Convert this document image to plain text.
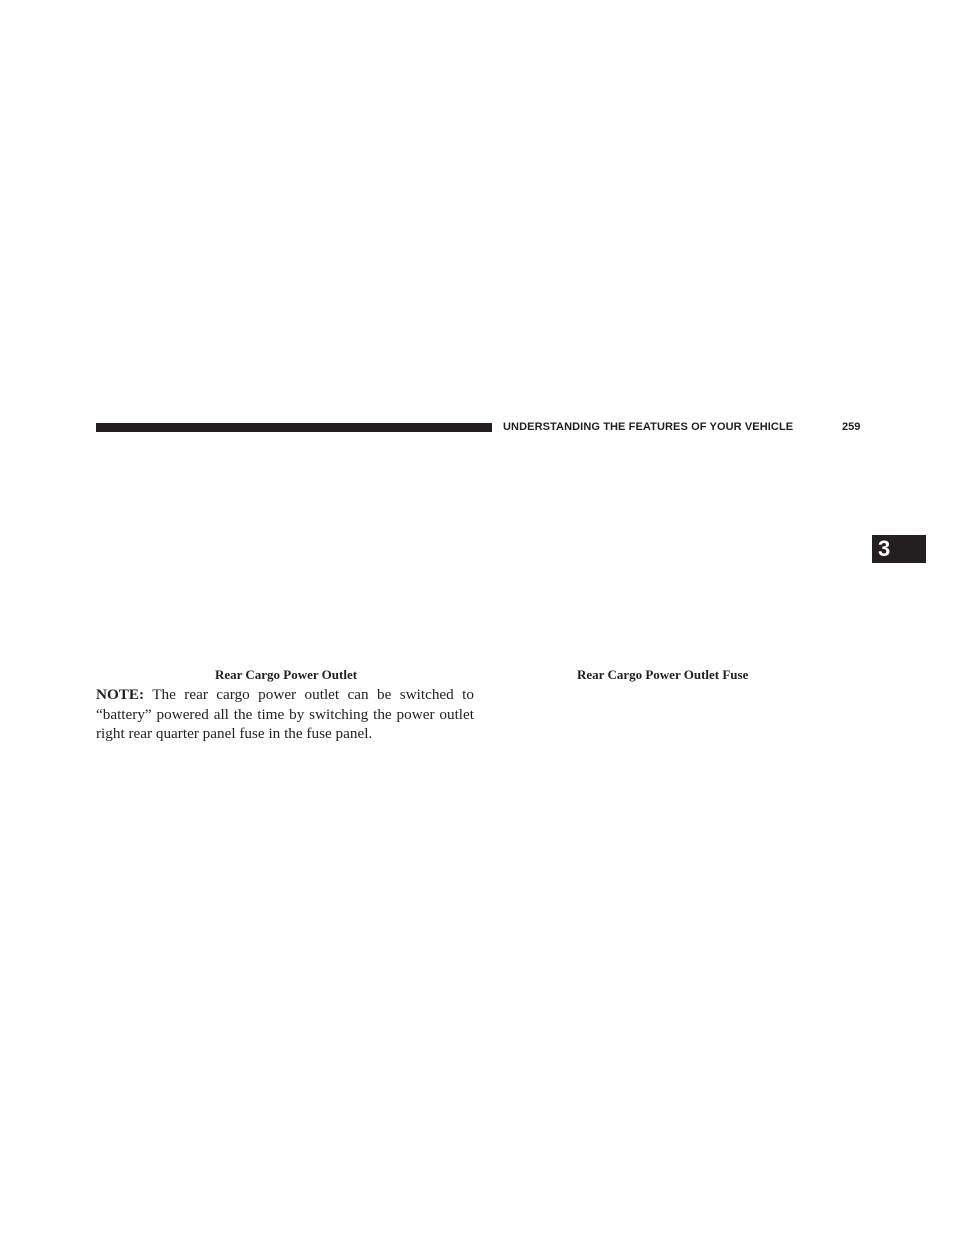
UNDERSTANDING THE FEATURES OF YOUR VEHICLE	259
3
Rear Cargo Power Outlet	Rear Cargo Power Outlet Fuse
NOTE: The rear cargo power outlet can be switched to “battery” powered all the time by switching the power outlet right rear quarter panel fuse in the fuse panel.
